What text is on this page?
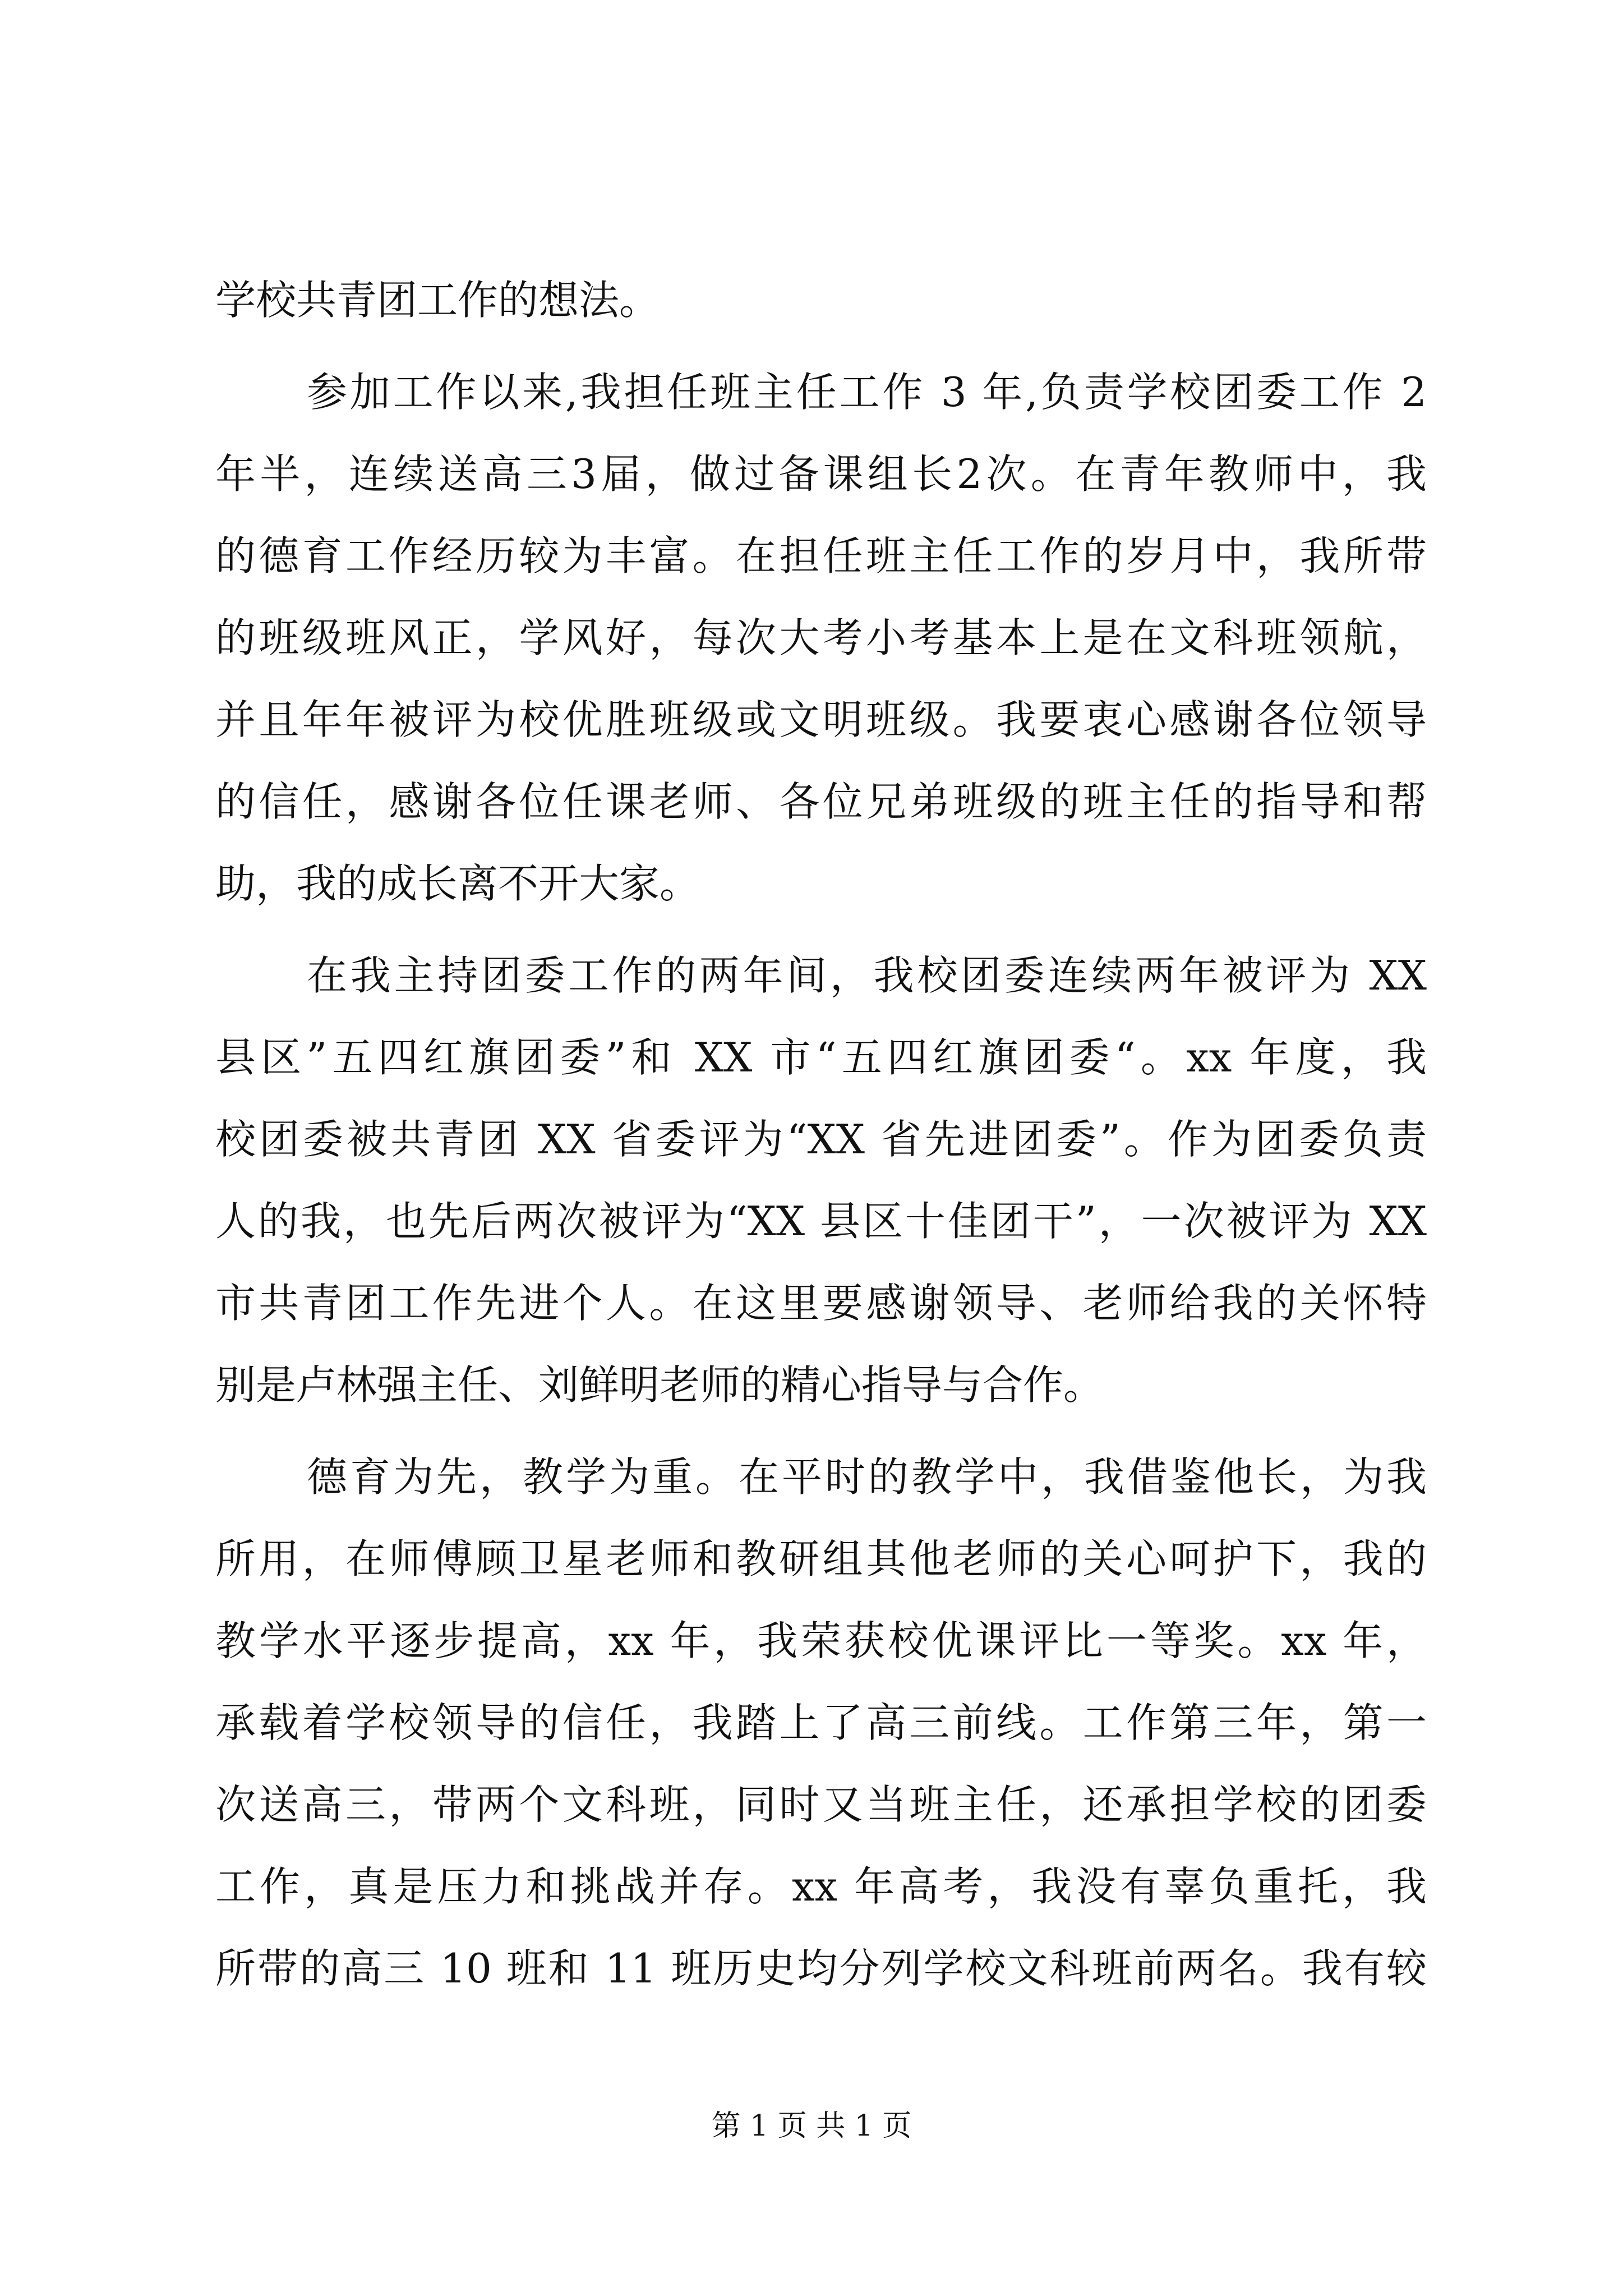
学校共青团工作的想法。
参加工作以来,我担任班主任工作 3 年,负责学校团委工作 2
年半，连续送高三3届，做过备课组长2次。在青年教师中，我
的德育工作经历较为丰富。在担任班主任工作的岁月中，我所带
的班级班风正，学风好，每次大考小考基本上是在文科班领航，
并且年年被评为校优胜班级或文明班级。我要衷心感谢各位领导
的信任，感谢各位任课老师、各位兄弟班级的班主任的指导和帮
助，我的成长离不开大家。
在我主持团委工作的两年间，我校团委连续两年被评为 XX
县区”五四红旗团委”和 XX 市“五四红旗团委“。xx 年度，我
校团委被共青团 XX 省委评为“XX 省先进团委”。作为团委负责
人的我，也先后两次被评为“XX 县区十佳团干”，一次被评为 XX
市共青团工作先进个人。在这里要感谢领导、老师给我的关怀特
别是卢林强主任、刘鲜明老师的精心指导与合作。
德育为先，教学为重。在平时的教学中，我借鉴他长，为我
所用，在师傅顾卫星老师和教研组其他老师的关心呵护下，我的
教学水平逐步提高，xx 年，我荣获校优课评比一等奖。xx 年，
承载着学校领导的信任，我踏上了高三前线。工作第三年，第一
次送高三，带两个文科班，同时又当班主任，还承担学校的团委
工作，真是压力和挑战并存。xx 年高考，我没有辜负重托，我
所带的高三 10 班和 11 班历史均分列学校文科班前两名。我有较
第 1 页 共 1 页
